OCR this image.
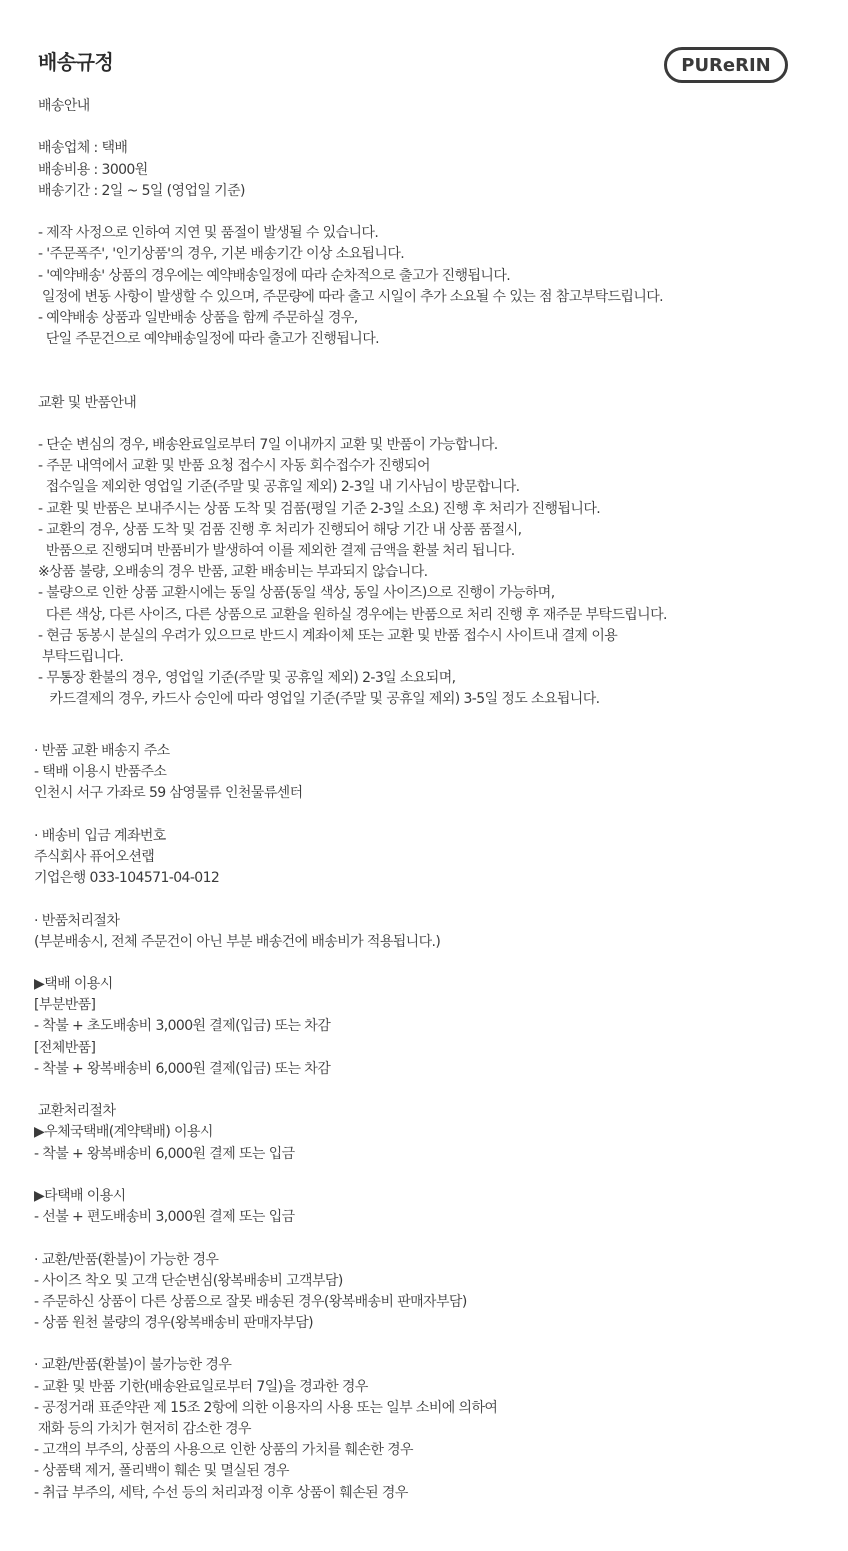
배송규정	PUReRIN
배송안내
배송업체 : 택배
배송비용 : 3000원
배송기간 : 2일 ~ 5일 (영업일 기준)
- 제작 사정으로 인하여 지연 및 품절이 발생될 수 있습니다.
- '주문폭주', '인기상품'의 경우, 기본 배송기간 이상 소요됩니다.
- '예약배송' 상품의 경우에는 예약배송일정에 따라 순차적으로 출고가 진행됩니다.
일정에 변동 사항이 발생할 수 있으며, 주문량에 따라 출고 시일이 추가 소요될 수 있는 점 참고부탁드립니다.
- 예약배송 상품과 일반배송 상품을 함께 주문하실 경우,
단일 주문건으로 예약배송일정에 따라 출고가 진행됩니다.
교환 및 반품안내
- 단순 변심의 경우, 배송완료일로부터 7일 이내까지 교환 및 반품이 가능합니다.
- 주문 내역에서 교환 및 반품 요청 접수시 자동 회수접수가 진행되어
접수일을 제외한 영업일 기준(주말 및 공휴일 제외) 2-3일 내 기사님이 방문합니다.
- 교환 및 반품은 보내주시는 상품 도착 및 검품(평일 기준 2-3일 소요) 진행 후 처리가 진행됩니다.
- 교환의 경우, 상품 도착 및 검품 진행 후 처리가 진행되어 해당 기간 내 상품 품절시,
반품으로 진행되며 반품비가 발생하여 이를 제외한 결제 금액을 환불 처리 됩니다.
※상품 불량, 오배송의 경우 반품, 교환 배송비는 부과되지 않습니다.
- 불량으로 인한 상품 교환시에는 동일 상품(동일 색상, 동일 사이즈)으로 진행이 가능하며,
다른 색상, 다른 사이즈, 다른 상품으로 교환을 원하실 경우에는 반품으로 처리 진행 후 재주문 부탁드립니다.
- 현금 동봉시 분실의 우려가 있으므로 반드시 계좌이체 또는 교환 및 반품 접수시 사이트내 결제 이용
부탁드립니다.
- 무통장 환불의 경우, 영업일 기준(주말 및 공휴일 제외) 2-3일 소요되며,
카드결제의 경우, 카드사 승인에 따라 영업일 기준(주말 및 공휴일 제외) 3-5일 정도 소요됩니다.
· 반품 교환 배송지 주소
- 택배 이용시 반품주소
인천시 서구 가좌로 59 삼영물류 인천물류센터
· 배송비 입금 계좌번호
주식회사 퓨어오션랩
기업은행 033-104571-04-012
· 반품처리절차
(부분배송시, 전체 주문건이 아닌 부분 배송건에 배송비가 적용됩니다.)
▶택배 이용시
[부분반품]
- 착불 + 초도배송비 3,000원 결제(입금) 또는 차감
[전체반품]
- 착불 + 왕복배송비 6,000원 결제(입금) 또는 차감
교환처리절차
▶우체국택배(계약택배) 이용시
- 착불 + 왕복배송비 6,000원 결제 또는 입금
▶타택배 이용시
- 선불 + 편도배송비 3,000원 결제 또는 입금
· 교환/반품(환불)이 가능한 경우
- 사이즈 착오 및 고객 단순변심(왕복배송비 고객부담)
- 주문하신 상품이 다른 상품으로 잘못 배송된 경우(왕복배송비 판매자부담)
- 상품 원천 불량의 경우(왕복배송비 판매자부담)
· 교환/반품(환불)이 불가능한 경우
- 교환 및 반품 기한(배송완료일로부터 7일)을 경과한 경우
- 공정거래 표준약관 제 15조 2항에 의한 이용자의 사용 또는 일부 소비에 의하여
재화 등의 가치가 현저히 감소한 경우
- 고객의 부주의, 상품의 사용으로 인한 상품의 가치를 훼손한 경우
- 상품택 제거, 폴리백이 훼손 및 멸실된 경우
- 취급 부주의, 세탁, 수선 등의 처리과정 이후 상품이 훼손된 경우
